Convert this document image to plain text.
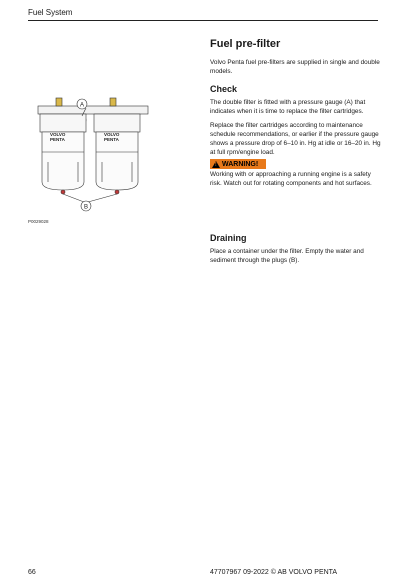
Fuel System
Fuel pre-filter

Volvo Penta fuel pre-filters are supplied in single and double models.

Check

The double filter is fitted with a pressure gauge (A) that indicates when it is time to replace the filter cartridges.

Replace the filter cartridges according to maintenance schedule recommendations, or earlier if the pressure gauge shows a pressure drop of 6–10 in. Hg at idle or 16–20 in. Hg at full rpm/engine load.

! WARNING!

Working with or approaching a running engine is a safety risk. Watch out for rotating components and hot surfaces.

Draining

Place a container under the filter. Empty the water and sediment through the plugs (B).

VOLVO
PENTA
VOLVO
PENTA
A
B
P0029028
66	47707967 09-2022 © AB VOLVO PENTA
